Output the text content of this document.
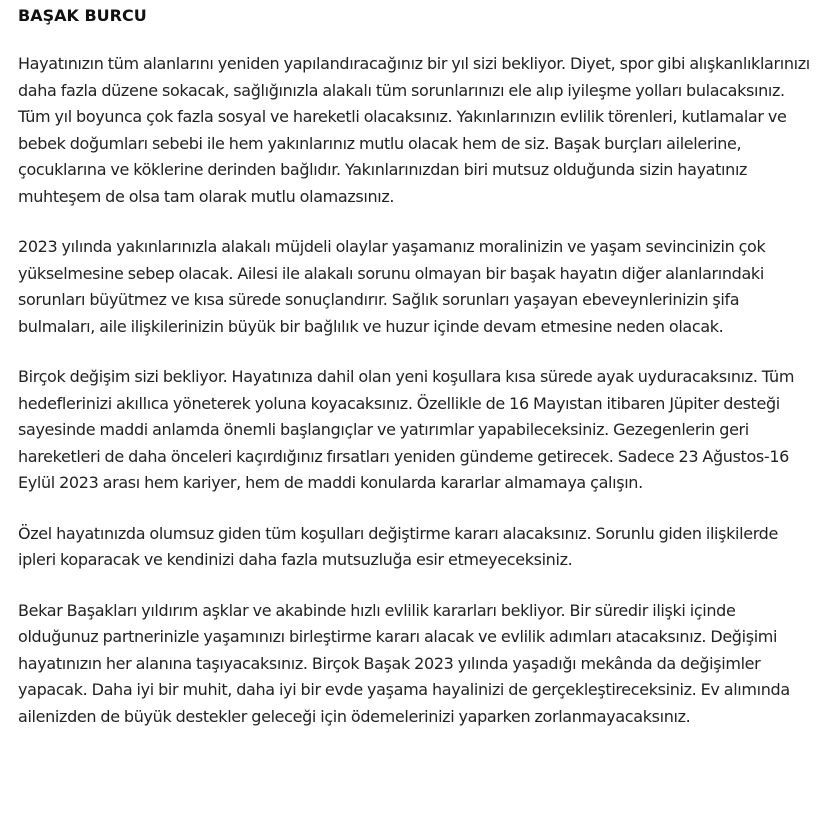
BAŞAK BURCU

Hayatınızın tüm alanlarını yeniden yapılandıracağınız bir yıl sizi bekliyor. Diyet, spor gibi alışkanlıklarınızı daha fazla düzene sokacak, sağlığınızla alakalı tüm sorunlarınızı ele alıp iyileşme yolları bulacaksınız. Tüm yıl boyunca çok fazla sosyal ve hareketli olacaksınız. Yakınlarınızın evlilik törenleri, kutlamalar ve bebek doğumları sebebi ile hem yakınlarınız mutlu olacak hem de siz. Başak burçları ailelerine, çocuklarına ve köklerine derinden bağlıdır. Yakınlarınızdan biri mutsuz olduğunda sizin hayatınız muhteşem de olsa tam olarak mutlu olamazsınız.

2023 yılında yakınlarınızla alakalı müjdeli olaylar yaşamanız moralinizin ve yaşam sevincinizin çok yükselmesine sebep olacak. Ailesi ile alakalı sorunu olmayan bir başak hayatın diğer alanlarındaki sorunları büyütmez ve kısa sürede sonuçlandırır. Sağlık sorunları yaşayan ebeveynlerinizin şifa bulmaları, aile ilişkilerinizin büyük bir bağlılık ve huzur içinde devam etmesine neden olacak.

Birçok değişim sizi bekliyor. Hayatınıza dahil olan yeni koşullara kısa sürede ayak uyduracaksınız. Tüm hedeflerinizi akıllıca yöneterek yoluna koyacaksınız. Özellikle de 16 Mayıstan itibaren Jüpiter desteği sayesinde maddi anlamda önemli başlangıçlar ve yatırımlar yapabileceksiniz. Gezegenlerin geri hareketleri de daha önceleri kaçırdığınız fırsatları yeniden gündeme getirecek. Sadece 23 Ağustos-16 Eylül 2023 arası hem kariyer, hem de maddi konularda kararlar almamaya çalışın.

Özel hayatınızda olumsuz giden tüm koşulları değiştirme kararı alacaksınız. Sorunlu giden ilişkilerde ipleri koparacak ve kendinizi daha fazla mutsuzluğa esir etmeyeceksiniz.

Bekar Başakları yıldırım aşklar ve akabinde hızlı evlilik kararları bekliyor. Bir süredir ilişki içinde olduğunuz partnerinizle yaşamınızı birleştirme kararı alacak ve evlilik adımları atacaksınız. Değişimi hayatınızın her alanına taşıyacaksınız. Birçok Başak 2023 yılında yaşadığı mekânda da değişimler yapacak. Daha iyi bir muhit, daha iyi bir evde yaşama hayalinizi de gerçekleştireceksiniz. Ev alımında ailenizden de büyük destekler geleceği için ödemelerinizi yaparken zorlanmayacaksınız.
